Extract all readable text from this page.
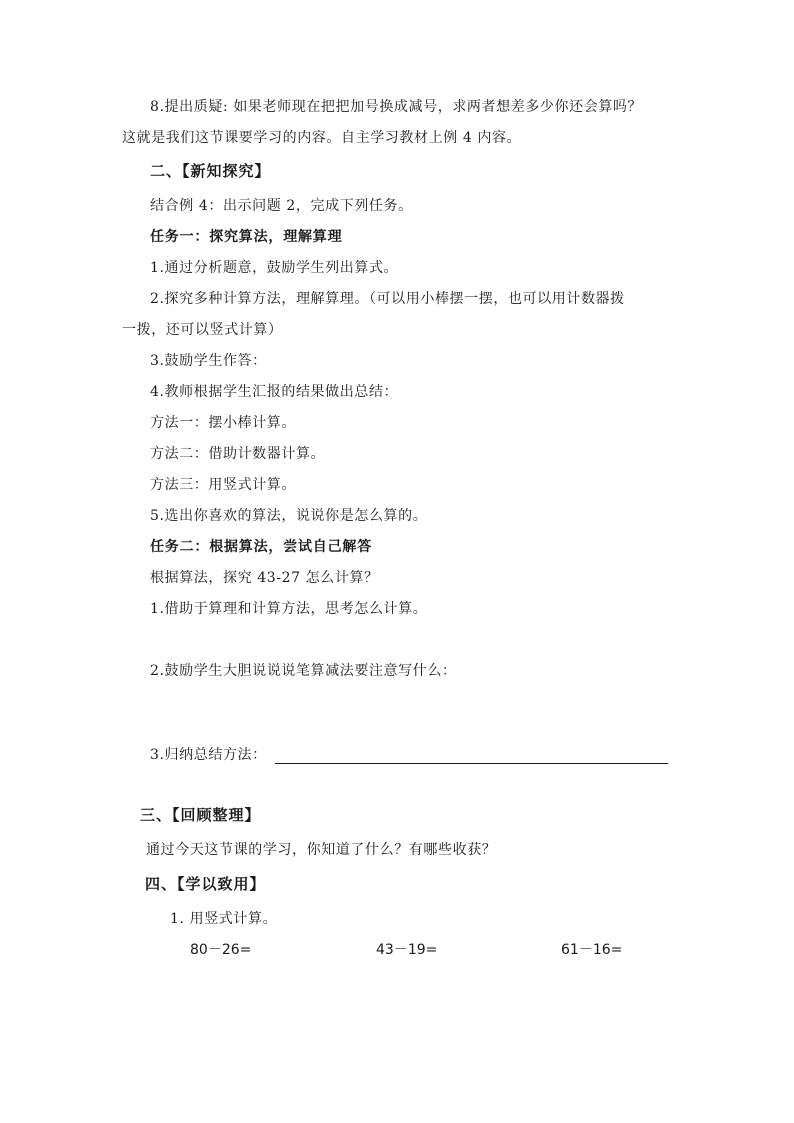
8.提出质疑: 如果老师现在把把加号换成减号，求两者想差多少你还会算吗？
这就是我们这节课要学习的内容。自主学习教材上例 4 内容。
二、【新知探究】
结合例 4：出示问题 2，完成下列任务。
任务一：探究算法，理解算理
1.通过分析题意，鼓励学生列出算式。
2.探究多种计算方法，理解算理。（可以用小棒摆一摆，也可以用计数器拨
一拨，还可以竖式计算）
3.鼓励学生作答：
4.教师根据学生汇报的结果做出总结：
方法一：摆小棒计算。
方法二：借助计数器计算。
方法三：用竖式计算。
5.选出你喜欢的算法，说说你是怎么算的。
任务二：根据算法，尝试自己解答
根据算法，探究 43-27 怎么计算？
1.借助于算理和计算方法，思考怎么计算。
2.鼓励学生大胆说说说笔算减法要注意写什么：
3.归纳总结方法：
三、【回顾整理】
通过今天这节课的学习，你知道了什么？有哪些收获？
四、【学以致用】
1. 用竖式计算。
80－26=	43－19=	61－16=
